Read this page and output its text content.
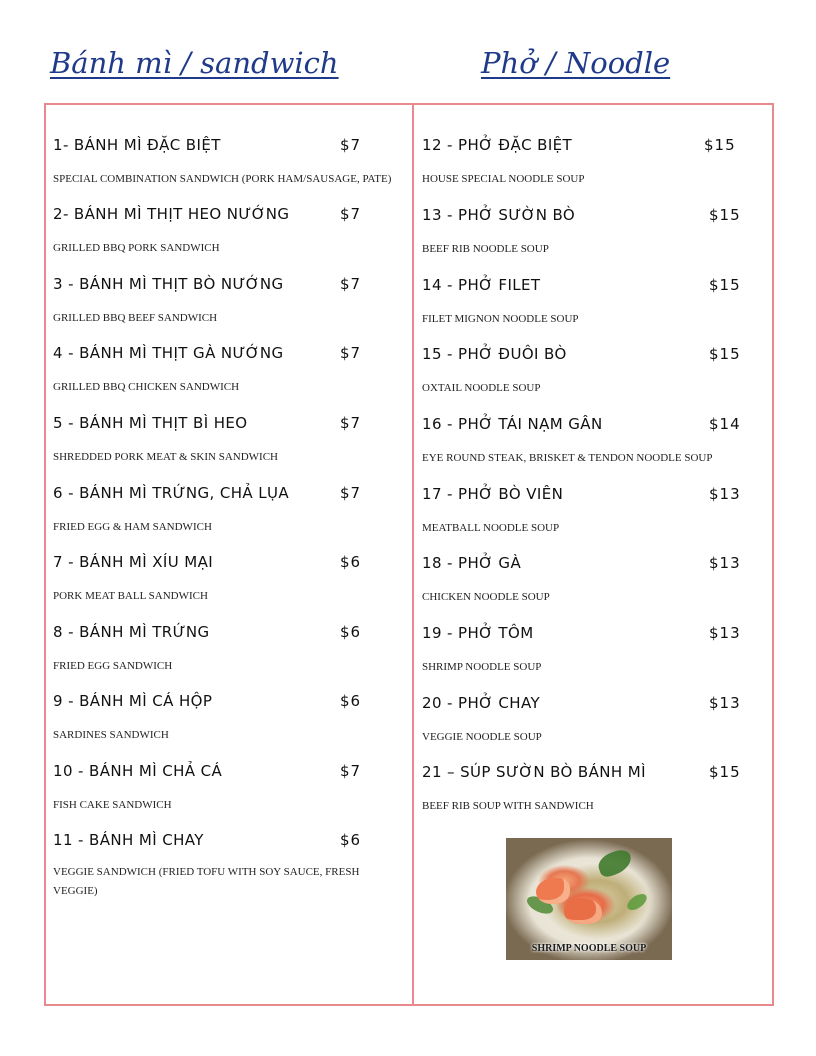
Bánh mì / sandwich	Phở / Noodle
1- BÁNH MÌ ĐẶC BIỆT	$7
SPECIAL COMBINATION SANDWICH (PORK HAM/SAUSAGE, PATE)
2- BÁNH MÌ THỊT HEO NƯỚNG	$7
GRILLED BBQ PORK SANDWICH
3 - BÁNH MÌ THỊT BÒ NƯỚNG	$7
GRILLED BBQ BEEF SANDWICH
4 - BÁNH MÌ THỊT GÀ NƯỚNG	$7
GRILLED BBQ CHICKEN SANDWICH
5 - BÁNH MÌ THỊT BÌ HEO	$7
SHREDDED PORK MEAT & SKIN SANDWICH
6 - BÁNH MÌ TRỨNG, CHẢ LỤA	$7
FRIED EGG & HAM SANDWICH
7 - BÁNH MÌ XÍU MẠI	$6
PORK MEAT BALL SANDWICH
8 - BÁNH MÌ TRỨNG	$6
FRIED EGG SANDWICH
9 - BÁNH MÌ CÁ HỘP	$6
SARDINES SANDWICH
10 - BÁNH MÌ CHẢ CÁ	$7
FISH CAKE SANDWICH
11 - BÁNH MÌ CHAY	$6
VEGGIE SANDWICH (FRIED TOFU WITH SOY SAUCE, FRESH VEGGIE)
12 - PHỞ ĐẶC BIỆT	$15
HOUSE SPECIAL NOODLE SOUP
13 - PHỞ SƯỜN BÒ	$15
BEEF RIB NOODLE SOUP
14 - PHỞ FILET	$15
FILET MIGNON NOODLE SOUP
15 - PHỞ ĐUÔI BÒ	$15
OXTAIL NOODLE SOUP
16 - PHỞ TÁI NẠM GÂN	$14
EYE ROUND STEAK, BRISKET & TENDON NOODLE SOUP
17 - PHỞ BÒ VIÊN	$13
MEATBALL NOODLE SOUP
18 - PHỞ GÀ	$13
CHICKEN NOODLE SOUP
19 - PHỞ TÔM	$13
SHRIMP NOODLE SOUP
20 - PHỞ CHAY	$13
VEGGIE NOODLE SOUP
21 – SÚP SƯỜN BÒ BÁNH MÌ	$15
BEEF RIB SOUP WITH SANDWICH
SHRIMP NOODLE SOUP
